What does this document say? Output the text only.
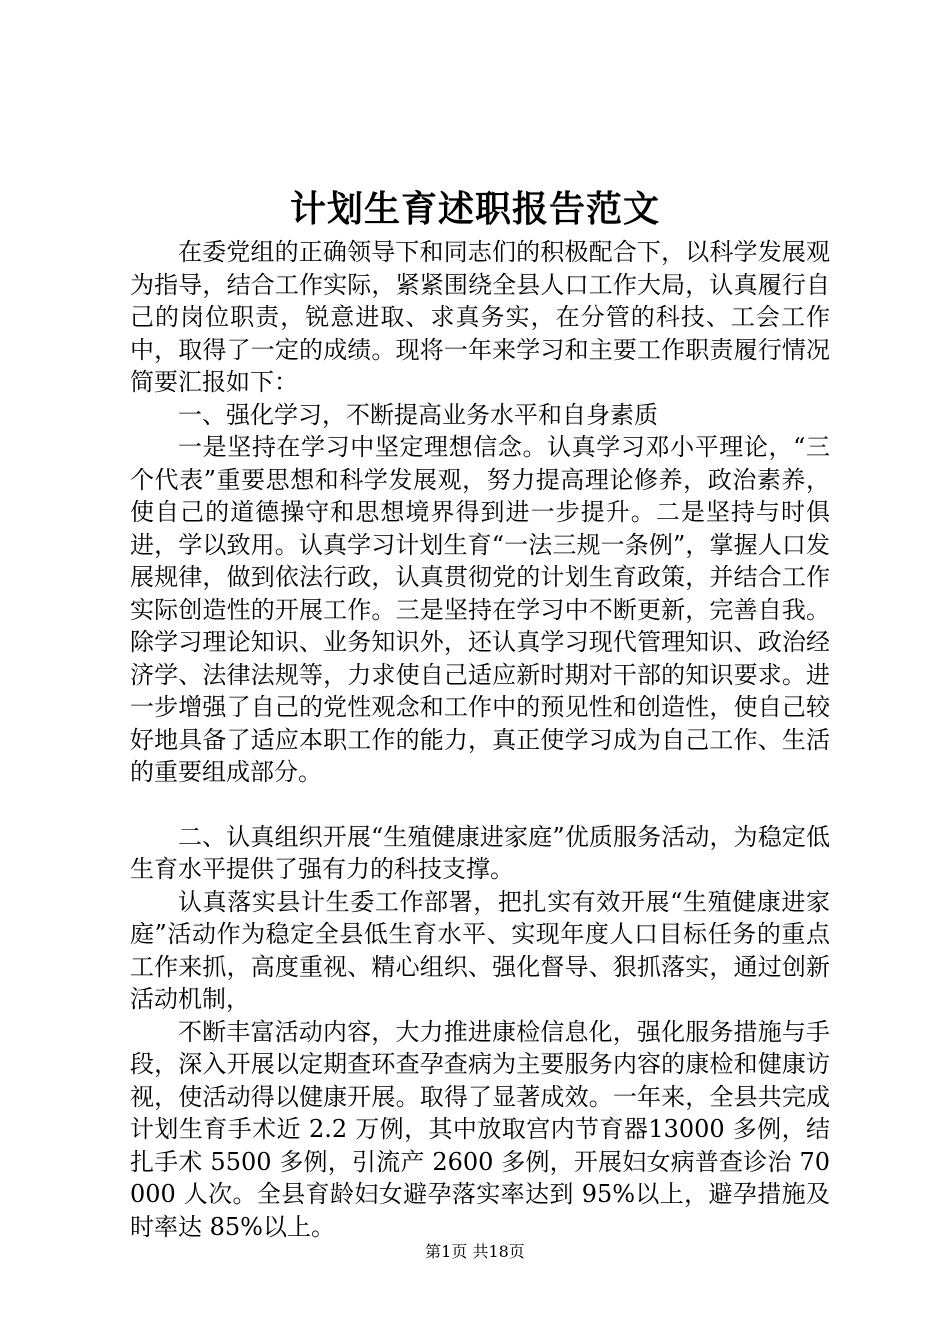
计划生育述职报告范文

在委党组的正确领导下和同志们的积极配合下，以科学发展观为指导，结合工作实际，紧紧围绕全县人口工作大局，认真履行自己的岗位职责，锐意进取、求真务实，在分管的科技、工会工作中，取得了一定的成绩。现将一年来学习和主要工作职责履行情况简要汇报如下：

一、强化学习，不断提高业务水平和自身素质

一是坚持在学习中坚定理想信念。认真学习邓小平理论，“三个代表”重要思想和科学发展观，努力提高理论修养，政治素养，使自己的道德操守和思想境界得到进一步提升。二是坚持与时俱进，学以致用。认真学习计划生育“一法三规一条例”，掌握人口发展规律，做到依法行政，认真贯彻党的计划生育政策，并结合工作实际创造性的开展工作。三是坚持在学习中不断更新，完善自我。除学习理论知识、业务知识外，还认真学习现代管理知识、政治经济学、法律法规等，力求使自己适应新时期对干部的知识要求。进一步增强了自己的党性观念和工作中的预见性和创造性，使自己较好地具备了适应本职工作的能力，真正使学习成为自己工作、生活的重要组成部分。

二、认真组织开展“生殖健康进家庭”优质服务活动，为稳定低生育水平提供了强有力的科技支撑。

认真落实县计生委工作部署，把扎实有效开展“生殖健康进家庭”活动作为稳定全县低生育水平、实现年度人口目标任务的重点工作来抓，高度重视、精心组织、强化督导、狠抓落实，通过创新活动机制，

不断丰富活动内容，大力推进康检信息化，强化服务措施与手段，深入开展以定期查环查孕查病为主要服务内容的康检和健康访视，使活动得以健康开展。取得了显著成效。一年来，全县共完成计划生育手术近 2.2 万例，其中放取宫内节育器13000 多例，结扎手术 5500 多例，引流产 2600 多例，开展妇女病普查诊治 70000 人次。全县育龄妇女避孕落实率达到 95%以上，避孕措施及时率达 85%以上。

第1页 共18页
